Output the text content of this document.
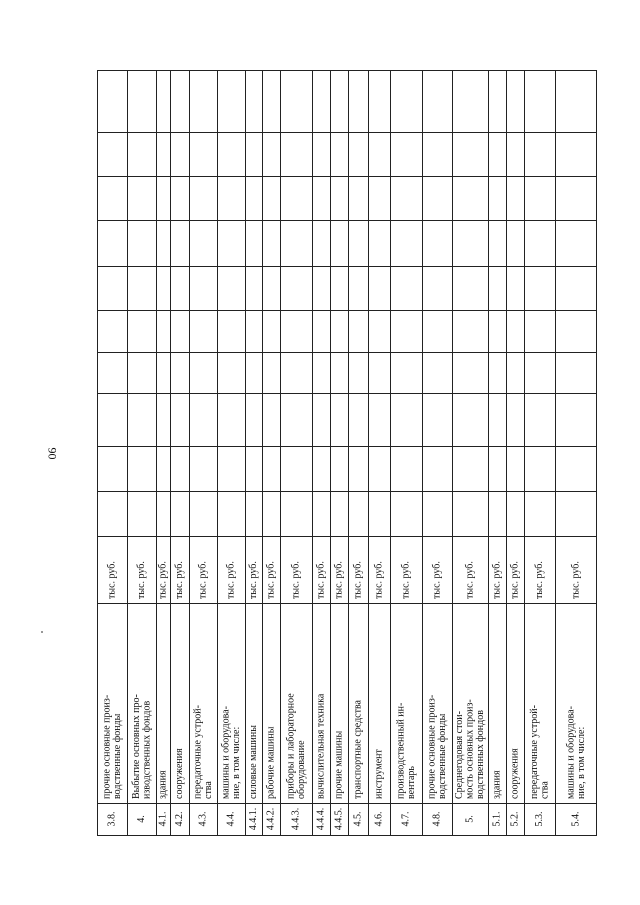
90
3.8.
прочие основные произ- водственные фонды
тыс. руб.
4.
Выбытие основных про- изводственных фондов
тыс. руб.
4.1.
здания
тыс. руб.
4.2.
сооружения
тыс. руб.
4.3.
передаточные устрой- ства
тыс. руб.
4.4.
машины и оборудова- ние, в том числе:
тыс. руб.
4.4.1.
силовые машины
тыс. руб.
4.4.2.
рабочие машины
тыс. руб.
4.4.3.
приборы и лабораторное оборудование
тыс. руб.
4.4.4.
вычислительная техника
тыс. руб.
4.4.5.
прочие машины
тыс. руб.
4.5.
транспортные средства
тыс. руб.
4.6.
инструмент
тыс. руб.
4.7.
производственный ин- вентарь
тыс. руб.
4.8.
прочие основные произ- водственные фонды
тыс. руб.
5.
Среднегодовая стои- мость основных произ- водственных фондов
тыс. руб.
5.1.
здания
тыс. руб.
5.2.
сооружения
тыс. руб.
5.3.
передаточные устрой- ства
тыс. руб.
5.4.
машины и оборудова- ние, в том числе:
тыс. руб.
